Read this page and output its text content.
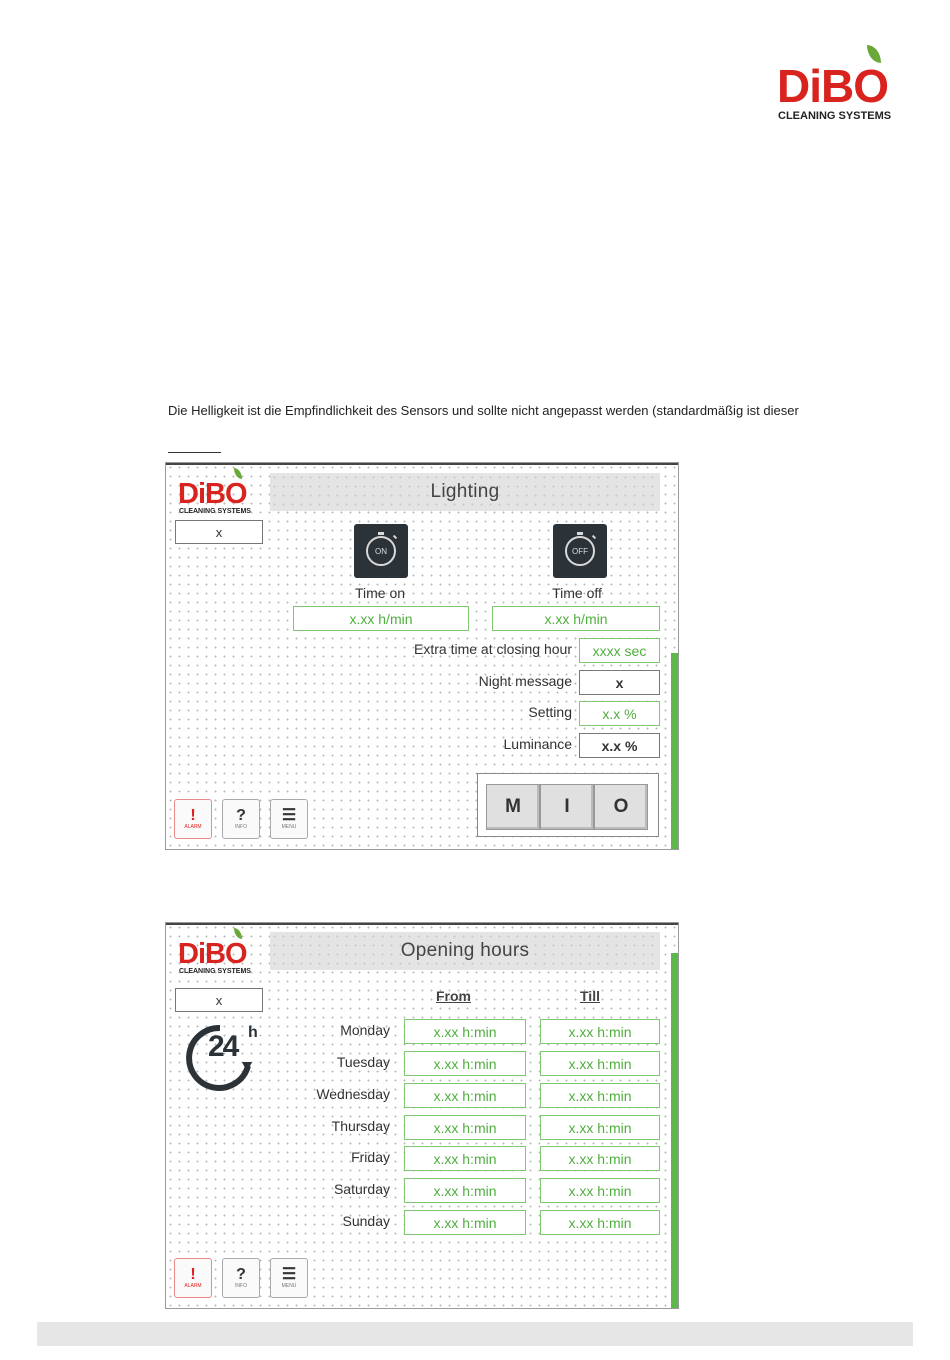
DiBO
CLEANING SYSTEMS
Die Helligkeit ist die Empfindlichkeit des Sensors und sollte nicht angepasst werden (standardmäßig ist dieser
DiBO
CLEANING SYSTEMS
Lighting
x
ON	OFF
Time on	Time off
x.xx h/min	x.xx h/min
Extra time at closing hour	xxxx sec
Night message	x
Setting	x.x %
Luminance	x.x %
M	I	O
!
ALARM
?
INFO
☰
MENU
DiBO
CLEANING SYSTEMS
Opening hours
x
24 h
From	Till
Monday	x.xx h:min	x.xx h:min
Tuesday	x.xx h:min	x.xx h:min
Wednesday	x.xx h:min	x.xx h:min
Thursday	x.xx h:min	x.xx h:min
Friday	x.xx h:min	x.xx h:min
Saturday	x.xx h:min	x.xx h:min
Sunday	x.xx h:min	x.xx h:min
!
ALARM
?
INFO
☰
MENU
